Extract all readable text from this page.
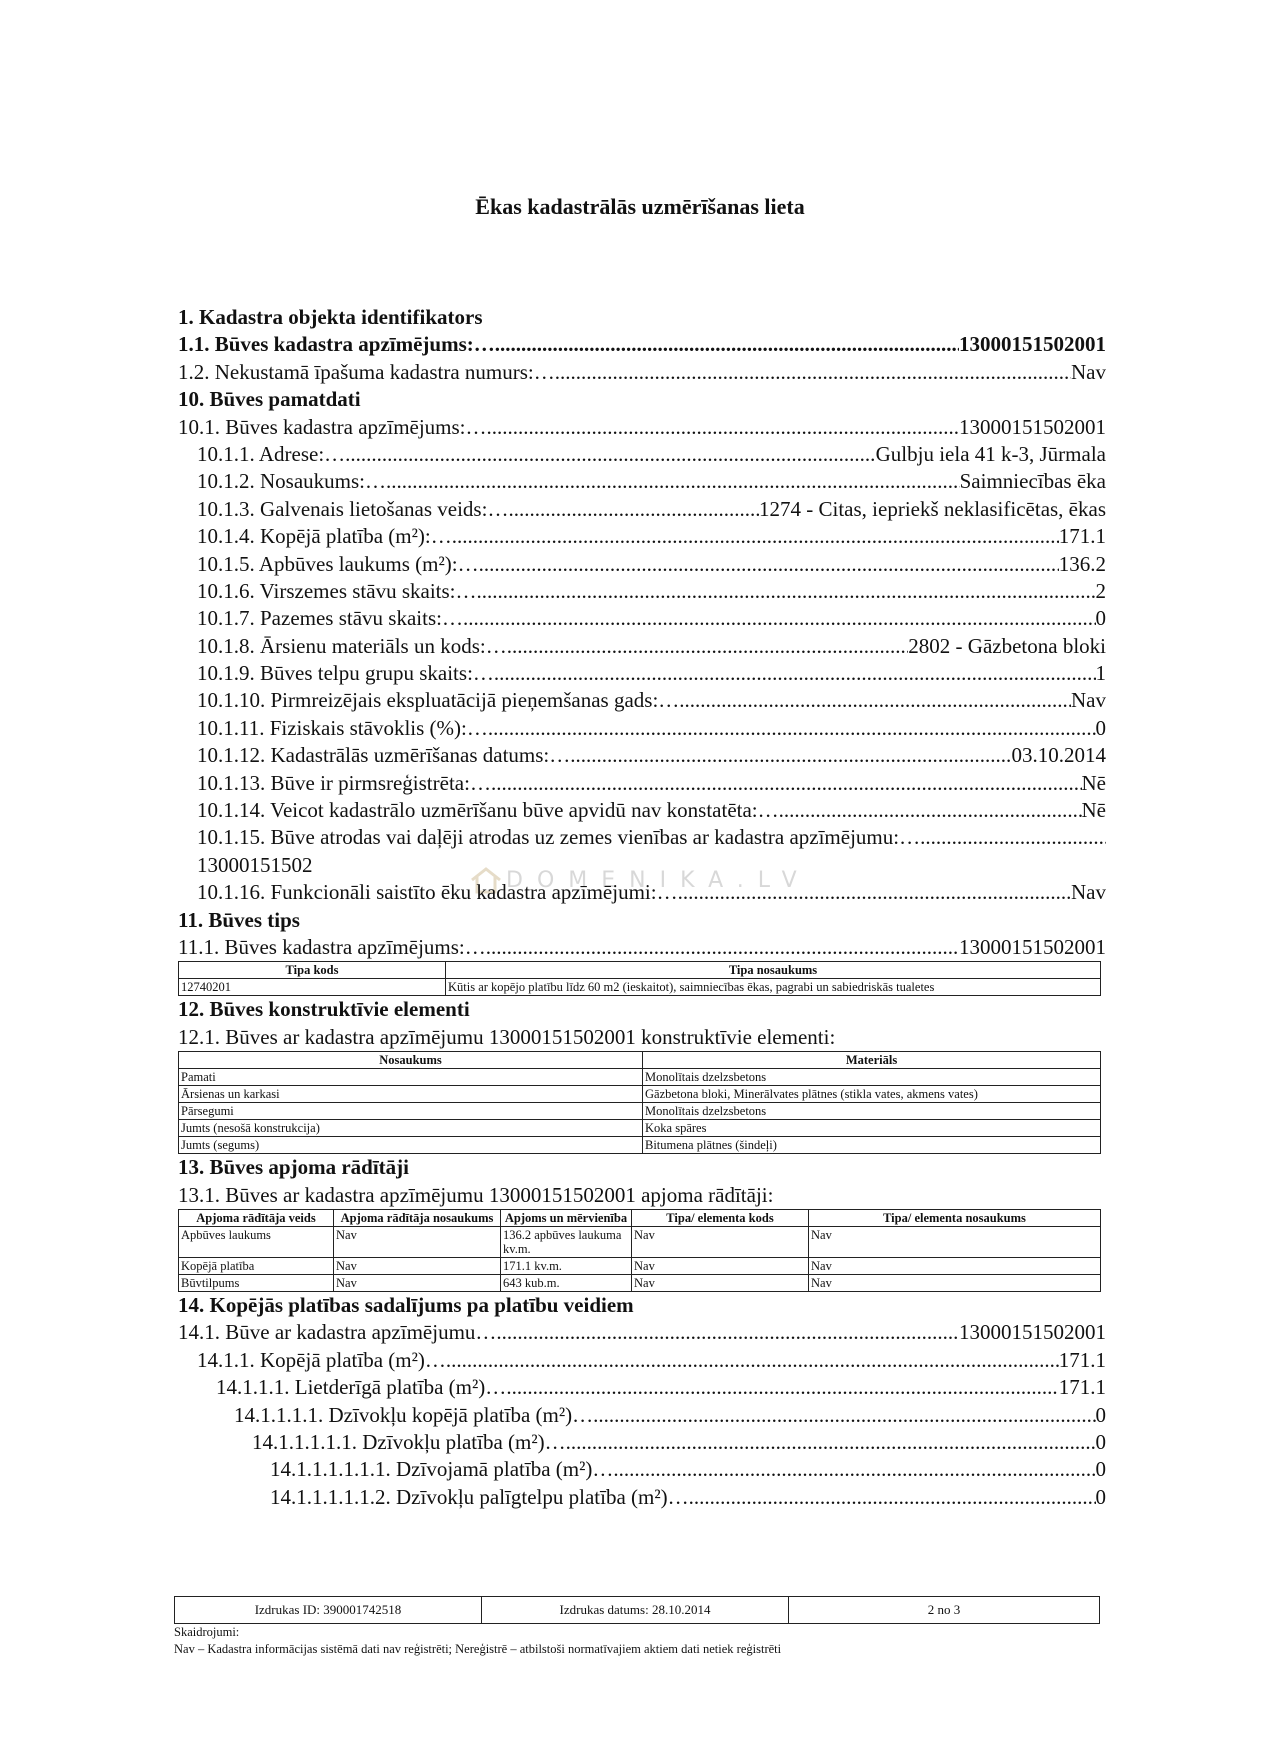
Ēkas kadastrālās uzmērīšanas lieta
DOMENIKA.LV
1. Kadastra objekta identifikators
1.1. Būves kadastra apzīmējums:… .....	13000151502001
1.2. Nekustamā īpašuma kadastra numurs:… .....	Nav
10. Būves pamatdati
10.1. Būves kadastra apzīmējums:… .....	13000151502001
10.1.1. Adrese:… .....	Gulbju iela 41 k-3, Jūrmala
10.1.2. Nosaukums:… .....	Saimniecības ēka
10.1.3. Galvenais lietošanas veids:… .....	1274 - Citas, iepriekš neklasificētas, ēkas
10.1.4. Kopējā platība (m²):… .....	171.1
10.1.5. Apbūves laukums (m²):… .....	136.2
10.1.6. Virszemes stāvu skaits:… .....	2
10.1.7. Pazemes stāvu skaits:… .....	0
10.1.8. Ārsienu materiāls un kods:… .....	2802 - Gāzbetona bloki
10.1.9. Būves telpu grupu skaits:… .....	1
10.1.10. Pirmreizējais ekspluatācijā pieņemšanas gads:… .....	Nav
10.1.11. Fiziskais stāvoklis (%):… .....	0
10.1.12. Kadastrālās uzmērīšanas datums:… .....	03.10.2014
10.1.13. Būve ir pirmsreģistrēta:… .....	Nē
10.1.14. Veicot kadastrālo uzmērīšanu būve apvidū nav konstatēta:… .....	Nē
10.1.15. Būve atrodas vai daļēji atrodas uz zemes vienības ar kadastra apzīmējumu:…
.....
13000151502
10.1.16. Funkcionāli saistīto ēku kadastra apzīmējumi:… .....	Nav
11. Būves tips
11.1. Būves kadastra apzīmējums:… .....	13000151502001
Tipa kods	Tipa nosaukums
12740201	Kūtis ar kopējo platību līdz 60 m2 (ieskaitot), saimniecības ēkas, pagrabi un sabiedriskās tualetes
12. Būves konstruktīvie elementi
12.1. Būves ar kadastra apzīmējumu 13000151502001 konstruktīvie elementi:
Nosaukums	Materiāls
Pamati	Monolītais dzelzsbetons
Ārsienas un karkasi	Gāzbetona bloki, Minerālvates plātnes (stikla vates, akmens vates)
Pārsegumi	Monolītais dzelzsbetons
Jumts (nesošā konstrukcija)	Koka spāres
Jumts (segums)	Bitumena plātnes (šindeļi)
13. Būves apjoma rādītāji
13.1. Būves ar kadastra apzīmējumu 13000151502001 apjoma rādītāji:
Apjoma rādītāja veids	Apjoma rādītāja nosaukums	Apjoms un mērvienība	Tipa/ elementa kods	Tipa/ elementa nosaukums
Apbūves laukums	Nav	136.2 apbūves laukuma kv.m.	Nav	Nav
Kopējā platība	Nav	171.1 kv.m.	Nav	Nav
Būvtilpums	Nav	643 kub.m.	Nav	Nav
14. Kopējās platības sadalījums pa platību veidiem
14.1. Būve ar kadastra apzīmējumu… .....	13000151502001
14.1.1. Kopējā platība (m²)… .....	171.1
14.1.1.1. Lietderīgā platība (m²)… .....	171.1
14.1.1.1.1. Dzīvokļu kopējā platība (m²)… .....	0
14.1.1.1.1.1. Dzīvokļu platība (m²)… .....	0
14.1.1.1.1.1.1. Dzīvojamā platība (m²)… .....	0
14.1.1.1.1.1.2. Dzīvokļu palīgtelpu platība (m²)… .....	0
Izdrukas ID: 390001742518	Izdrukas datums: 28.10.2014	2 no 3
Skaidrojumi:
Nav – Kadastra informācijas sistēmā dati nav reģistrēti; Nereģistrē – atbilstoši normatīvajiem aktiem dati netiek reģistrēti
